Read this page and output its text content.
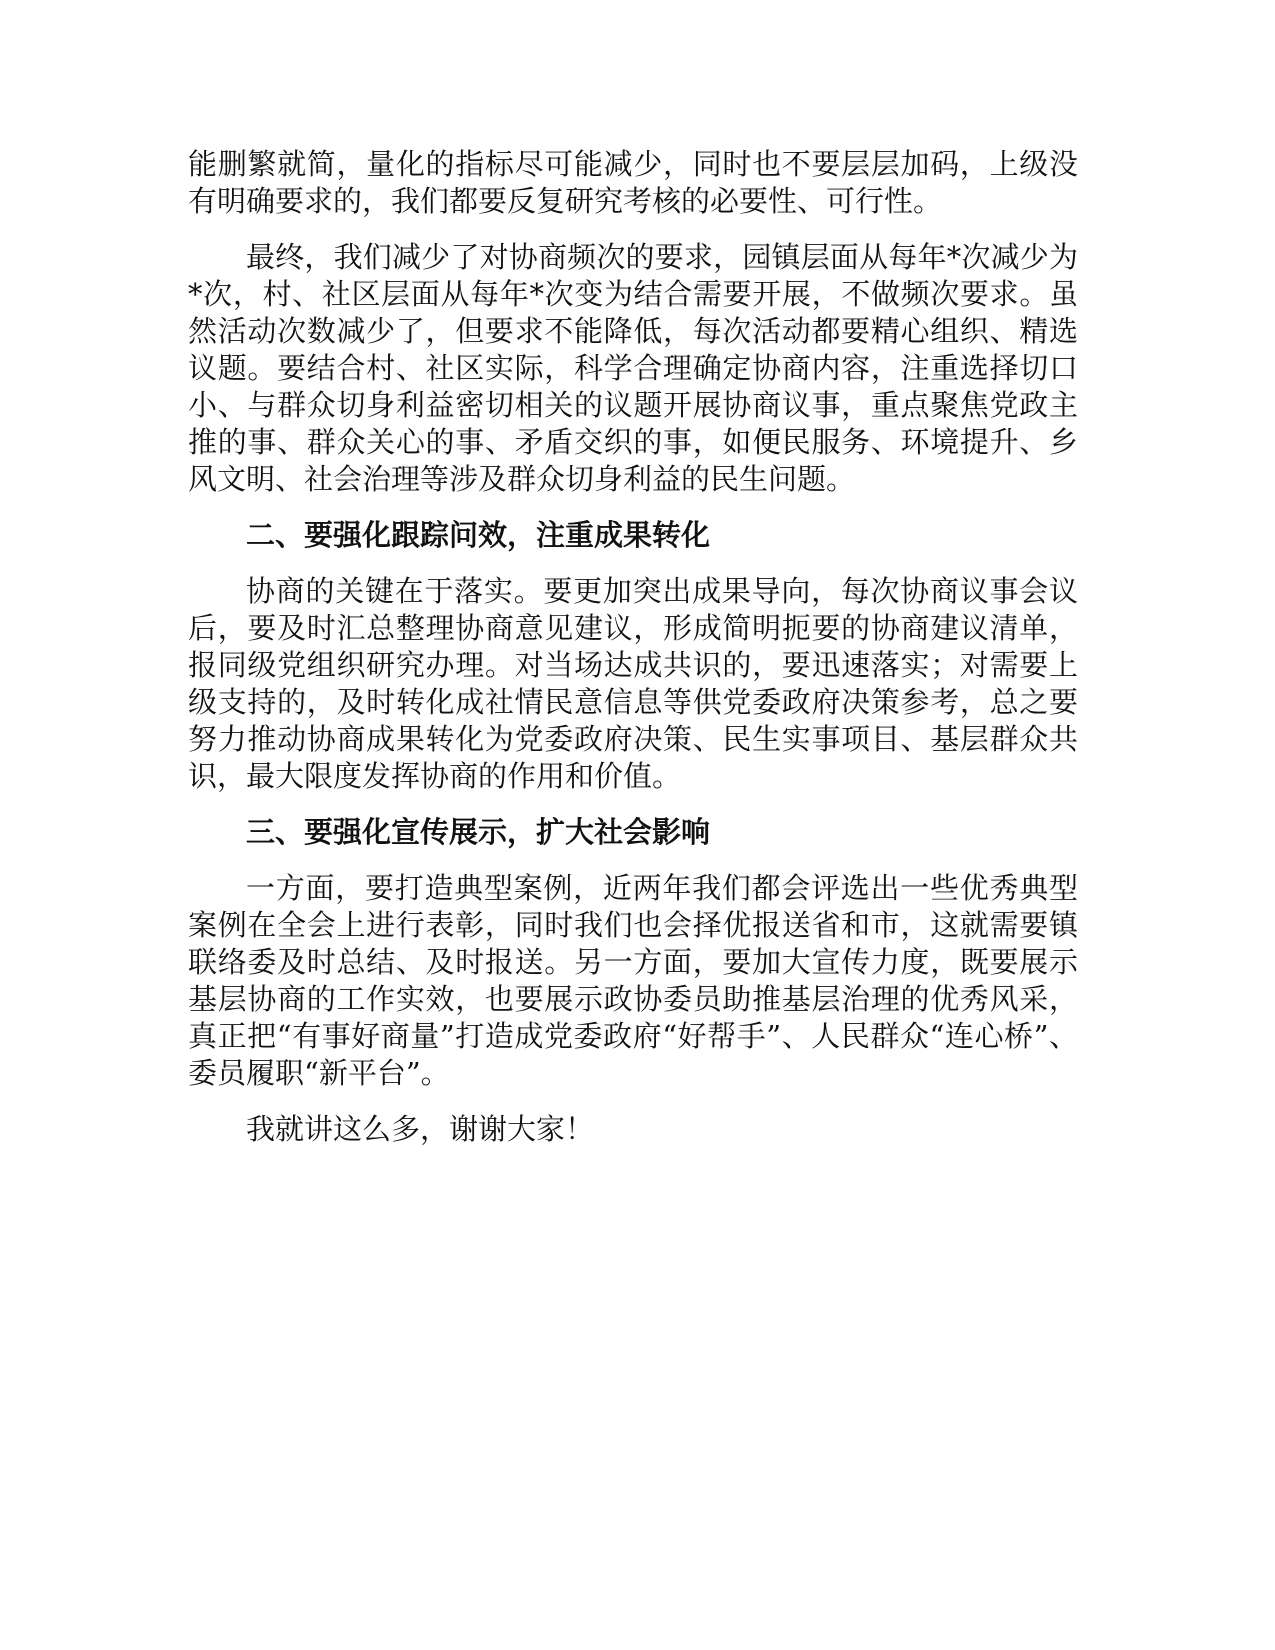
能删繁就简，量化的指标尽可能减少，同时也不要层层加码，上级没有明确要求的，我们都要反复研究考核的必要性、可行性。

最终，我们减少了对协商频次的要求，园镇层面从每年*次减少为*次，村、社区层面从每年*次变为结合需要开展，不做频次要求。虽然活动次数减少了，但要求不能降低，每次活动都要精心组织、精选议题。要结合村、社区实际，科学合理确定协商内容，注重选择切口小、与群众切身利益密切相关的议题开展协商议事，重点聚焦党政主推的事、群众关心的事、矛盾交织的事，如便民服务、环境提升、乡风文明、社会治理等涉及群众切身利益的民生问题。

二、要强化跟踪问效，注重成果转化

协商的关键在于落实。要更加突出成果导向，每次协商议事会议后，要及时汇总整理协商意见建议，形成简明扼要的协商建议清单，报同级党组织研究办理。对当场达成共识的，要迅速落实；对需要上级支持的，及时转化成社情民意信息等供党委政府决策参考，总之要努力推动协商成果转化为党委政府决策、民生实事项目、基层群众共识，最大限度发挥协商的作用和价值。

三、要强化宣传展示，扩大社会影响

一方面，要打造典型案例，近两年我们都会评选出一些优秀典型案例在全会上进行表彰，同时我们也会择优报送省和市，这就需要镇联络委及时总结、及时报送。另一方面，要加大宣传力度，既要展示基层协商的工作实效，也要展示政协委员助推基层治理的优秀风采，真正把“有事好商量”打造成党委政府“好帮手”、人民群众“连心桥”、委员履职“新平台”。

我就讲这么多，谢谢大家！
